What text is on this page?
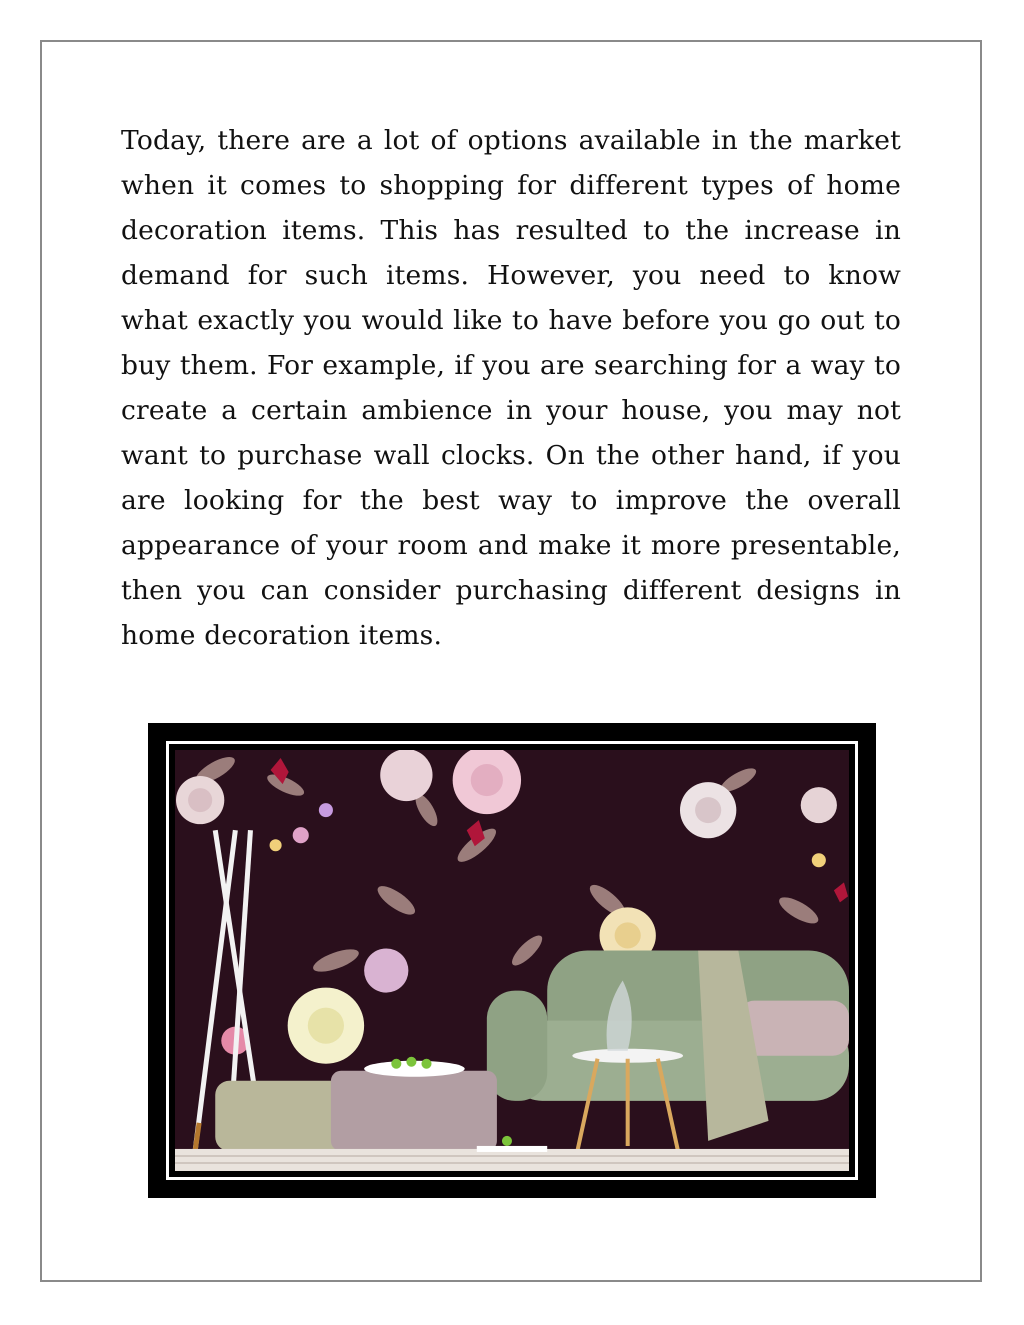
Today, there are a lot of options available in the market when it comes to shopping for different types of home decoration items. This has resulted to the increase in demand for such items. However, you need to know what exactly you would like to have before you go out to buy them. For example, if you are searching for a way to create a certain ambience in your house, you may not want to purchase wall clocks. On the other hand, if you are looking for the best way to improve the overall appearance of your room and make it more presentable, then you can consider purchasing different designs in home decoration items.
